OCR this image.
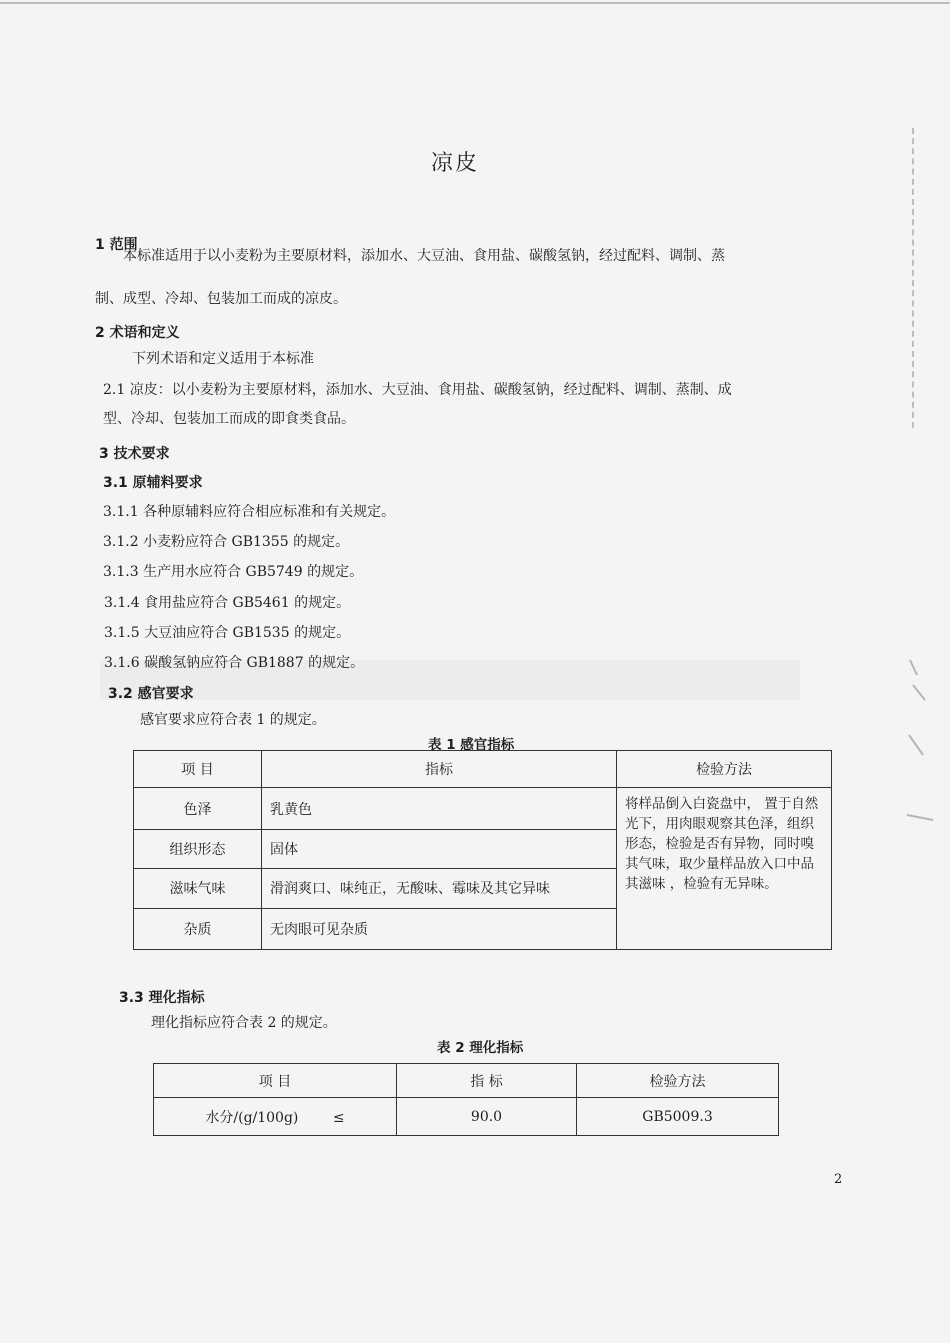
凉皮
1 范围
本标准适用于以小麦粉为主要原材料，添加水、大豆油、食用盐、碳酸氢钠，经过配料、调制、蒸
制、成型、冷却、包装加工而成的凉皮。
2 术语和定义
下列术语和定义适用于本标准
2.1 凉皮：以小麦粉为主要原材料，添加水、大豆油、食用盐、碳酸氢钠，经过配料、调制、蒸制、成
型、冷却、包装加工而成的即食类食品。
3 技术要求
3.1 原辅料要求
3.1.1 各种原辅料应符合相应标准和有关规定。
3.1.2 小麦粉应符合 GB1355 的规定。
3.1.3 生产用水应符合 GB5749 的规定。
3.1.4 食用盐应符合 GB5461 的规定。
3.1.5 大豆油应符合 GB1535 的规定。
3.1.6 碳酸氢钠应符合 GB1887 的规定。
3.2 感官要求
感官要求应符合表 1 的规定。
表 1 感官指标
项 目	指标	检验方法
色泽	乳黄色	将样品倒入白瓷盘中， 置于自然光下，用肉眼观察其色泽，组织形态，检验是否有异物，同时嗅其气味，取少量样品放入口中品其滋味 ，检验有无异味。
组织形态	固体	
滋味气味	滑润爽口、味纯正，无酸味、霉味及其它异味	
杂质	无肉眼可见杂质	
3.3 理化指标
理化指标应符合表 2 的规定。
表 2 理化指标
项 目	指 标	检验方法
水分/(g/100g) ≤	90.0	GB5009.3
2
